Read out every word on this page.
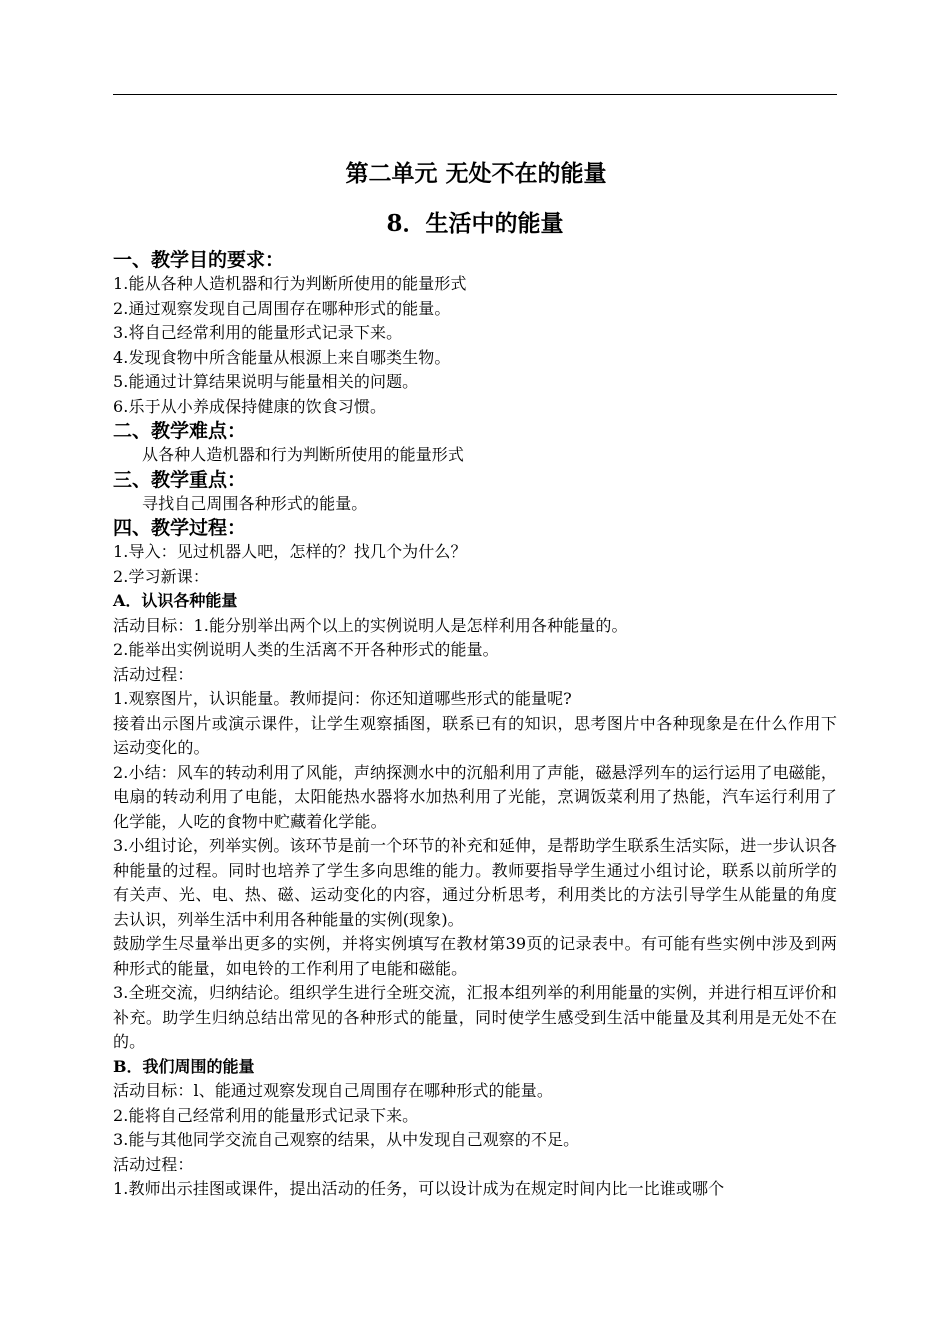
第二单元 无处不在的能量
8．生活中的能量
一、教学目的要求：
1.能从各种人造机器和行为判断所使用的能量形式
2.通过观察发现自己周围存在哪种形式的能量。
3.将自己经常利用的能量形式记录下来。
4.发现食物中所含能量从根源上来自哪类生物。
5.能通过计算结果说明与能量相关的问题。
6.乐于从小养成保持健康的饮食习惯。
二、教学难点：
从各种人造机器和行为判断所使用的能量形式
三、教学重点：
寻找自己周围各种形式的能量。
四、教学过程：
1.导入：见过机器人吧，怎样的？找几个为什么？
2.学习新课：
A．认识各种能量
活动目标：1.能分别举出两个以上的实例说明人是怎样利用各种能量的。
2.能举出实例说明人类的生活离不开各种形式的能量。
活动过程：
1.观察图片，认识能量。教师提问：你还知道哪些形式的能量呢?
接着出示图片或演示课件，让学生观察插图，联系已有的知识，思考图片中各种现象是在什么作用下运动变化的。
2.小结：风车的转动利用了风能，声纳探测水中的沉船利用了声能，磁悬浮列车的运行运用了电磁能，电扇的转动利用了电能，太阳能热水器将水加热利用了光能，烹调饭菜利用了热能，汽车运行利用了化学能，人吃的食物中贮藏着化学能。
3.小组讨论，列举实例。该环节是前一个环节的补充和延伸，是帮助学生联系生活实际，进一步认识各种能量的过程。同时也培养了学生多向思维的能力。教师要指导学生通过小组讨论，联系以前所学的有关声、光、电、热、磁、运动变化的内容，通过分析思考，利用类比的方法引导学生从能量的角度去认识，列举生活中利用各种能量的实例(现象)。
鼓励学生尽量举出更多的实例，并将实例填写在教材第39页的记录表中。有可能有些实例中涉及到两种形式的能量，如电铃的工作利用了电能和磁能。
3.全班交流，归纳结论。组织学生进行全班交流，汇报本组列举的利用能量的实例，并进行相互评价和补充。助学生归纳总结出常见的各种形式的能量，同时使学生感受到生活中能量及其利用是无处不在的。
B．我们周围的能量
活动目标：l、能通过观察发现自己周围存在哪种形式的能量。
2.能将自己经常利用的能量形式记录下来。
3.能与其他同学交流自己观察的结果，从中发现自己观察的不足。
活动过程：
1.教师出示挂图或课件，提出活动的任务，可以设计成为在规定时间内比一比谁或哪个
